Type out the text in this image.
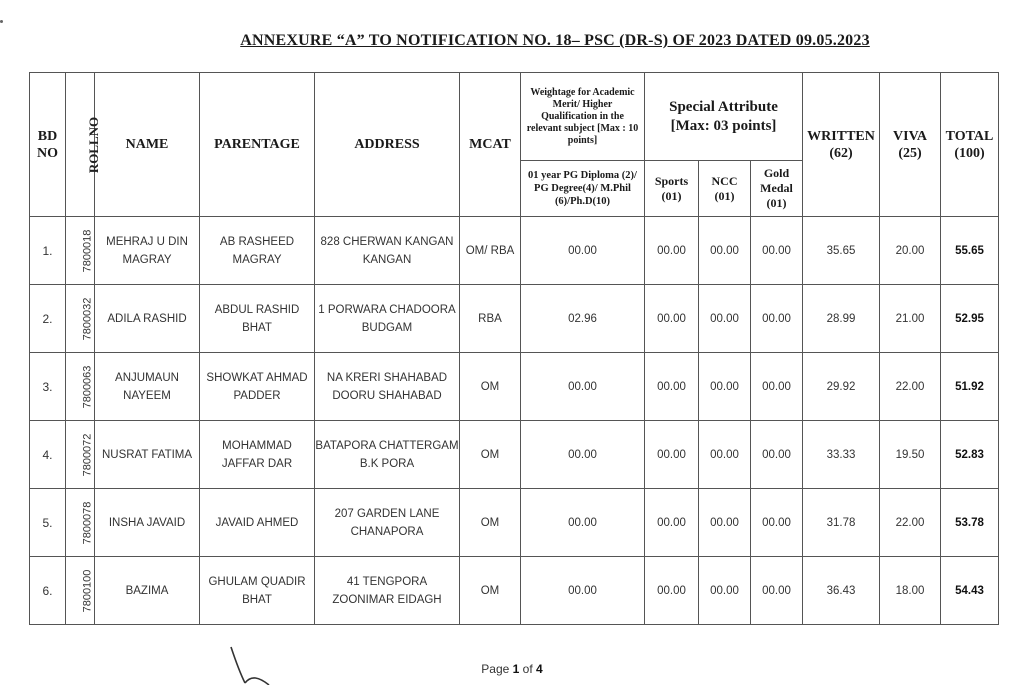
ANNEXURE “A” TO NOTIFICATION NO. 18– PSC (DR-S) OF 2023 DATED 09.05.2023
BD NO	ROLLNO	NAME	PARENTAGE	ADDRESS	MCAT	Weightage for Academic Merit/ Higher Qualification in the relevant subject [Max : 10 points]	Special Attribute [Max: 03 points]			WRITTEN (62)	VIVA (25)	TOTAL (100)
						01 year PG Diploma (2)/ PG Degree(4)/ M.Phil (6)/Ph.D(10)	Sports (01)	NCC (01)	Gold Medal (01)			
1.	7800018	MEHRAJ U DIN MAGRAY	AB RASHEED MAGRAY	828 CHERWAN KANGAN KANGAN	OM/ RBA	00.00	00.00	00.00	00.00	35.65	20.00	55.65
2.	7800032	ADILA RASHID	ABDUL RASHID BHAT	1 PORWARA CHADOORA BUDGAM	RBA	02.96	00.00	00.00	00.00	28.99	21.00	52.95
3.	7800063	ANJUMAUN NAYEEM	SHOWKAT AHMAD PADDER	NA KRERI SHAHABAD DOORU SHAHABAD	OM	00.00	00.00	00.00	00.00	29.92	22.00	51.92
4.	7800072	NUSRAT FATIMA	MOHAMMAD JAFFAR DAR	BATAPORA CHATTERGAM B.K PORA	OM	00.00	00.00	00.00	00.00	33.33	19.50	52.83
5.	7800078	INSHA JAVAID	JAVAID AHMED	207 GARDEN LANE CHANAPORA	OM	00.00	00.00	00.00	00.00	31.78	22.00	53.78
6.	7800100	BAZIMA	GHULAM QUADIR BHAT	41 TENGPORA ZOONIMAR EIDAGH	OM	00.00	00.00	00.00	00.00	36.43	18.00	54.43
Page 1 of 4
